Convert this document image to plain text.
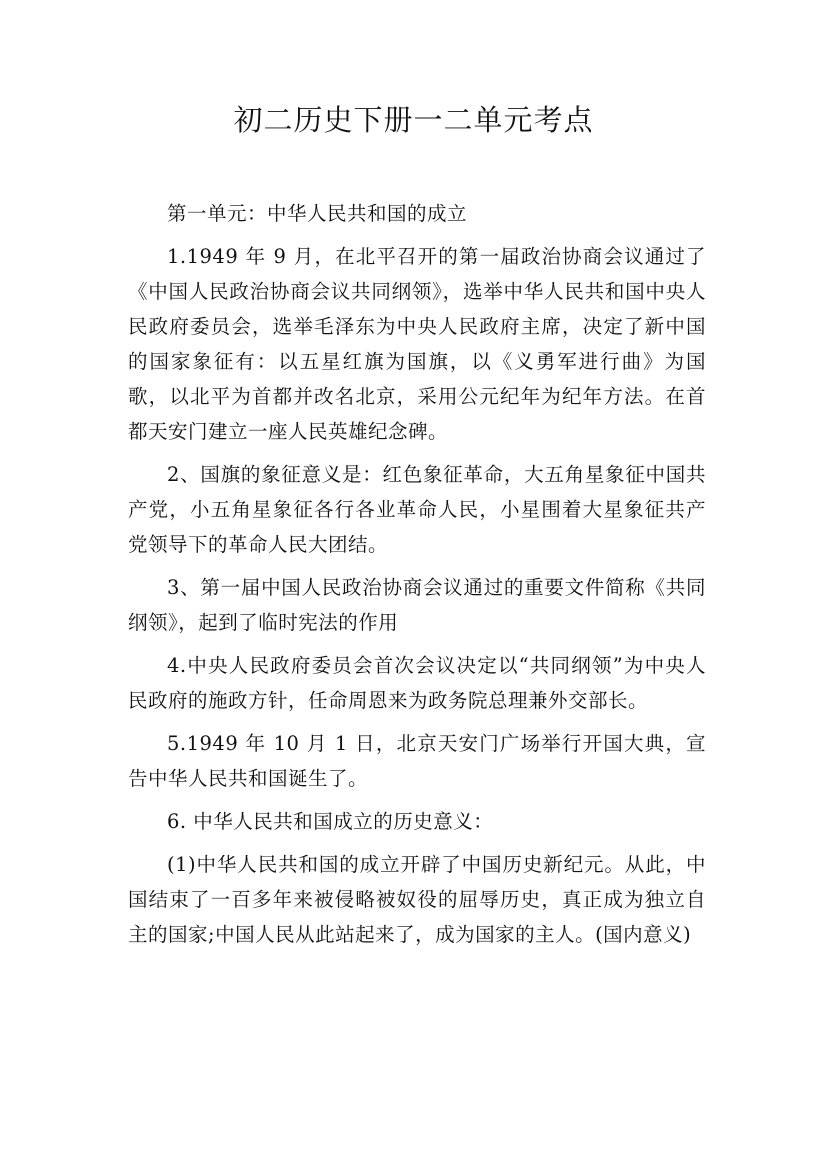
初二历史下册一二单元考点

第一单元：中华人民共和国的成立

1.1949 年 9 月，在北平召开的第一届政治协商会议通过了《中国人民政治协商会议共同纲领》，选举中华人民共和国中央人民政府委员会，选举毛泽东为中央人民政府主席，决定了新中国的国家象征有：以五星红旗为国旗，以《义勇军进行曲》为国歌，以北平为首都并改名北京，采用公元纪年为纪年方法。在首都天安门建立一座人民英雄纪念碑。

2、国旗的象征意义是：红色象征革命，大五角星象征中国共产党，小五角星象征各行各业革命人民，小星围着大星象征共产党领导下的革命人民大团结。

3、第一届中国人民政治协商会议通过的重要文件简称《共同纲领》，起到了临时宪法的作用

4.中央人民政府委员会首次会议决定以“共同纲领”为中央人民政府的施政方针，任命周恩来为政务院总理兼外交部长。

5.1949 年 10 月 1 日，北京天安门广场举行开国大典，宣告中华人民共和国诞生了。

6. 中华人民共和国成立的历史意义：

(1)中华人民共和国的成立开辟了中国历史新纪元。从此，中国结束了一百多年来被侵略被奴役的屈辱历史，真正成为独立自主的国家;中国人民从此站起来了，成为国家的主人。(国内意义)
